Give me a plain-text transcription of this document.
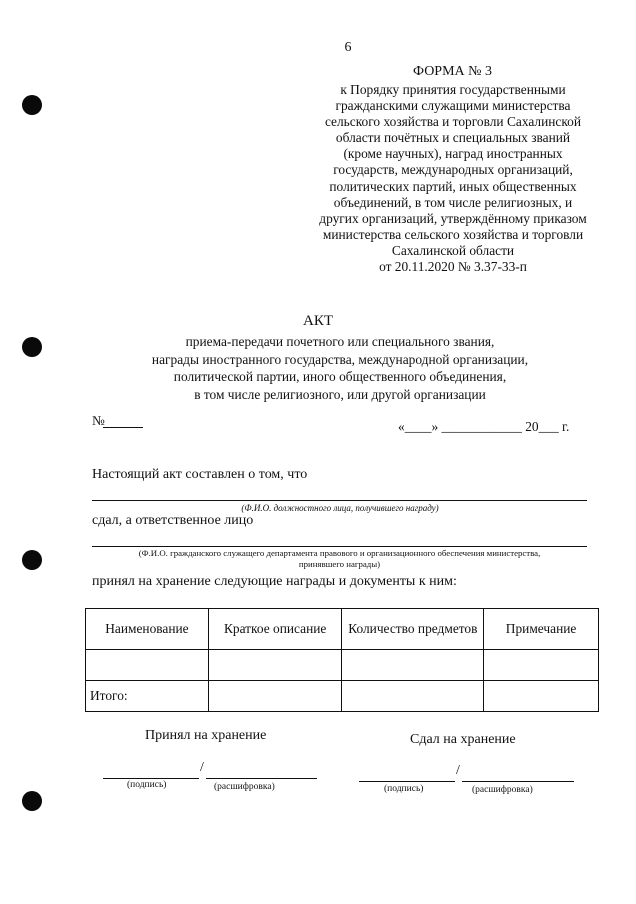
6
ФОРМА № 3
к Порядку принятия государственными
гражданскими служащими министерства
сельского хозяйства и торговли Сахалинской
области почётных и специальных званий
(кроме научных), наград иностранных
государств, международных организаций,
политических партий, иных общественных
объединений, в том числе религиозных, и
других организаций, утверждённому приказом
министерства сельского хозяйства и торговли
Сахалинской области
от 20.11.2020 № 3.37-33-п
АКТ
приема-передачи почетного или специального звания,
награды иностранного государства, международной организации,
политической партии, иного общественного объединения,
в том числе религиозного, или другой организации
№	«____» ____________ 20___ г.
Настоящий акт составлен о том, что
(Ф.И.О. должностного лица, получившего награду)
сдал, а ответственное лицо
(Ф.И.О. гражданского служащего департамента правового и организационного обеспечения министерства,
принявшего награды)
принял на хранение следующие награды и документы к ним:
Наименование	Краткое описание	Количество предметов	Примечание

Итого:			
Принял на хранение	Сдал на хранение
/
(подпись)	(расшифровка)
/
(подпись)	(расшифровка)
